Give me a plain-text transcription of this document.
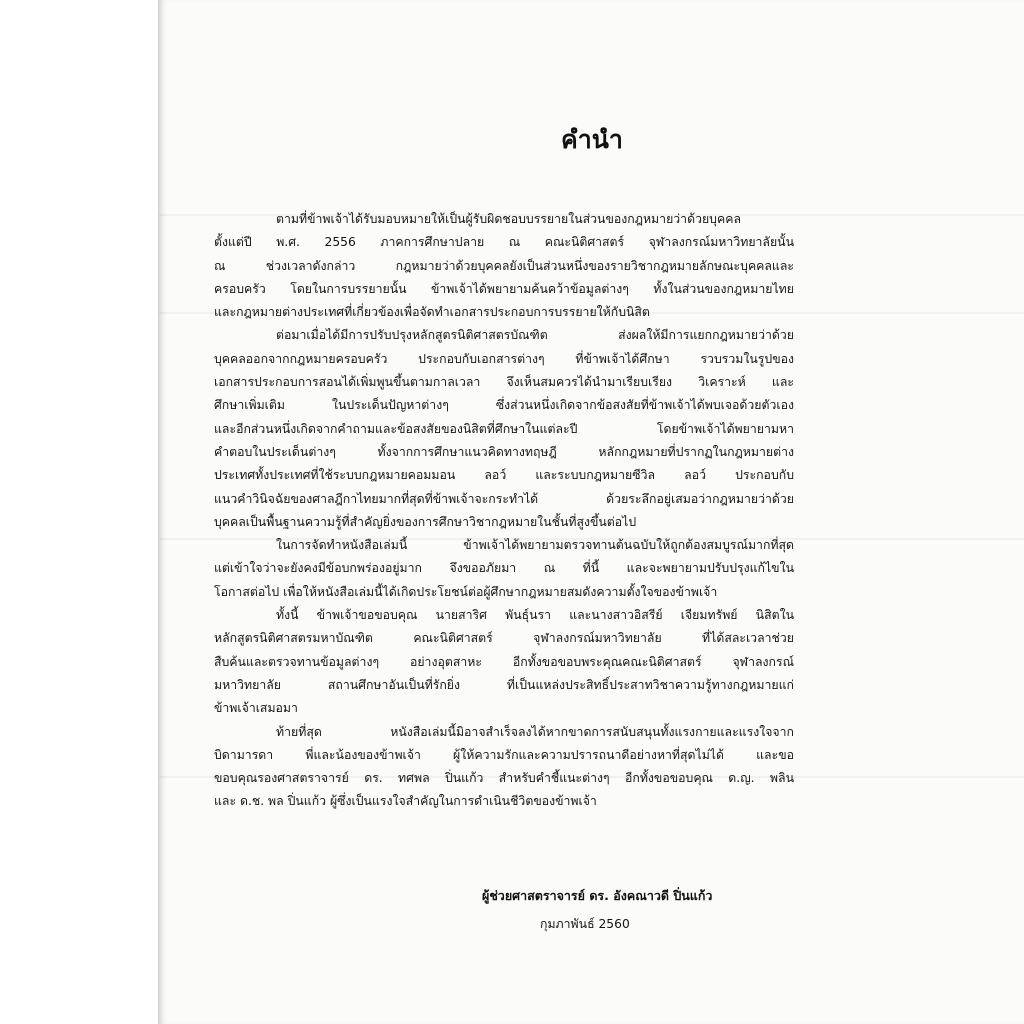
คำนำ
ตามที่ข้าพเจ้าได้รับมอบหมายให้เป็นผู้รับผิดชอบบรรยายในส่วนของกฎหมายว่าด้วยบุคคล
ตั้งแต่ปี พ.ศ. 2556 ภาคการศึกษาปลาย ณ คณะนิติศาสตร์ จุฬาลงกรณ์มหาวิทยาลัยนั้น
ณ ช่วงเวลาดังกล่าว กฎหมายว่าด้วยบุคคลยังเป็นส่วนหนึ่งของรายวิชากฎหมายลักษณะบุคคลและ
ครอบครัว โดยในการบรรยายนั้น ข้าพเจ้าได้พยายามค้นคว้าข้อมูลต่างๆ ทั้งในส่วนของกฎหมายไทย
และกฎหมายต่างประเทศที่เกี่ยวข้องเพื่อจัดทำเอกสารประกอบการบรรยายให้กับนิสิต
ต่อมาเมื่อได้มีการปรับปรุงหลักสูตรนิติศาสตรบัณฑิต ส่งผลให้มีการแยกกฎหมายว่าด้วย
บุคคลออกจากกฎหมายครอบครัว ประกอบกับเอกสารต่างๆ ที่ข้าพเจ้าได้ศึกษา รวบรวมในรูปของ
เอกสารประกอบการสอนได้เพิ่มพูนขึ้นตามกาลเวลา จึงเห็นสมควรได้นำมาเรียบเรียง วิเคราะห์ และ
ศึกษาเพิ่มเติม ในประเด็นปัญหาต่างๆ ซึ่งส่วนหนึ่งเกิดจากข้อสงสัยที่ข้าพเจ้าได้พบเจอด้วยตัวเอง
และอีกส่วนหนึ่งเกิดจากคำถามและข้อสงสัยของนิสิตที่ศึกษาในแต่ละปี โดยข้าพเจ้าได้พยายามหา
คำตอบในประเด็นต่างๆ ทั้งจากการศึกษาแนวคิดทางทฤษฎี หลักกฎหมายที่ปรากฏในกฎหมายต่าง
ประเทศทั้งประเทศที่ใช้ระบบกฎหมายคอมมอน ลอว์ และระบบกฎหมายซีวิล ลอว์ ประกอบกับ
แนวคำวินิจฉัยของศาลฎีกาไทยมากที่สุดที่ข้าพเจ้าจะกระทำได้ ด้วยระลึกอยู่เสมอว่ากฎหมายว่าด้วย
บุคคลเป็นพื้นฐานความรู้ที่สำคัญยิ่งของการศึกษาวิชากฎหมายในชั้นที่สูงขึ้นต่อไป
ในการจัดทำหนังสือเล่มนี้ ข้าพเจ้าได้พยายามตรวจทานต้นฉบับให้ถูกต้องสมบูรณ์มากที่สุด
แต่เข้าใจว่าจะยังคงมีข้อบกพร่องอยู่มาก จึงขออภัยมา ณ ที่นี้ และจะพยายามปรับปรุงแก้ไขใน
โอกาสต่อไป เพื่อให้หนังสือเล่มนี้ได้เกิดประโยชน์ต่อผู้ศึกษากฎหมายสมดังความตั้งใจของข้าพเจ้า
ทั้งนี้ ข้าพเจ้าขอขอบคุณ นายสาริศ พันธุ์นรา และนางสาวอิสรีย์ เจียมทรัพย์ นิสิตใน
หลักสูตรนิติศาสตรมหาบัณฑิต คณะนิติศาสตร์ จุฬาลงกรณ์มหาวิทยาลัย ที่ได้สละเวลาช่วย
สืบค้นและตรวจทานข้อมูลต่างๆ อย่างอุตสาหะ อีกทั้งขอขอบพระคุณคณะนิติศาสตร์ จุฬาลงกรณ์
มหาวิทยาลัย สถานศึกษาอันเป็นที่รักยิ่ง ที่เป็นแหล่งประสิทธิ์ประสาทวิชาความรู้ทางกฎหมายแก่
ข้าพเจ้าเสมอมา
ท้ายที่สุด หนังสือเล่มนี้มิอาจสำเร็จลงได้หากขาดการสนับสนุนทั้งแรงกายและแรงใจจาก
บิดามารดา พี่และน้องของข้าพเจ้า ผู้ให้ความรักและความปรารถนาดีอย่างหาที่สุดไม่ได้ และขอ
ขอบคุณรองศาสตราจารย์ ดร. ทศพล ปิ่นแก้ว สำหรับคำชี้แนะต่างๆ อีกทั้งขอขอบคุณ ด.ญ. พลิน
และ ด.ช. พล ปิ่นแก้ว ผู้ซึ่งเป็นแรงใจสำคัญในการดำเนินชีวิตของข้าพเจ้า
ผู้ช่วยศาสตราจารย์ ดร. อังคณาวดี ปิ่นแก้ว
กุมภาพันธ์ 2560
